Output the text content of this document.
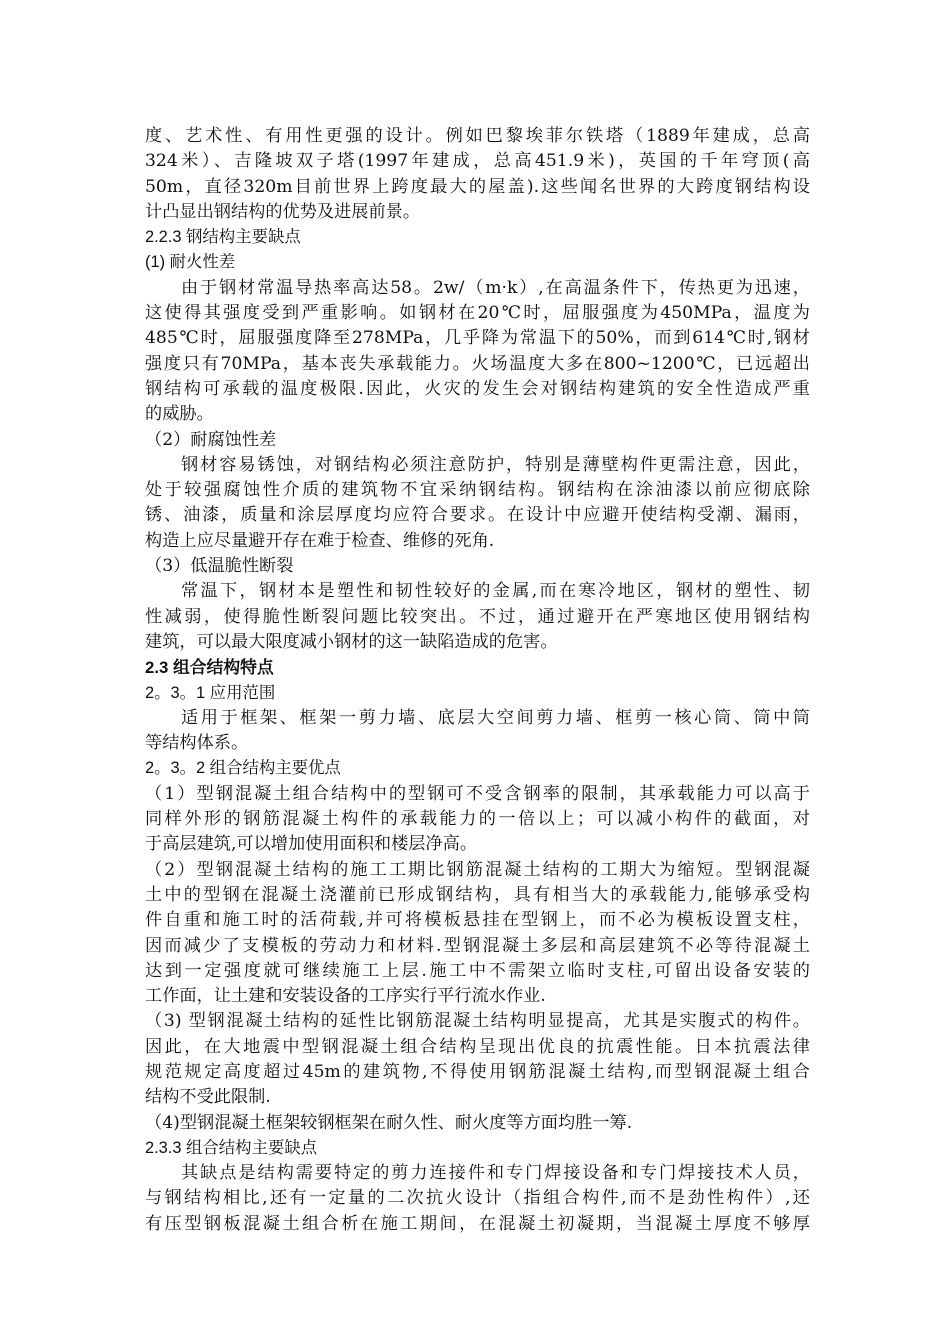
度、艺术性、有用性更强的设计。例如巴黎埃菲尔铁塔（1889年建成，总高
324米）、吉隆坡双子塔(1997年建成，总高451.9米)，英国的千年穹顶(高
50m，直径320m目前世界上跨度最大的屋盖).这些闻名世界的大跨度钢结构设
计凸显出钢结构的优势及进展前景。
2.2.3 钢结构主要缺点
(1) 耐火性差
由于钢材常温导热率高达58。2w/（m·k）,在高温条件下，传热更为迅速，
这使得其强度受到严重影响。如钢材在20℃时，屈服强度为450MPa，温度为
485℃时，屈服强度降至278MPa，几乎降为常温下的50%，而到614℃时,钢材
强度只有70MPa，基本丧失承载能力。火场温度大多在800~1200℃，已远超出
钢结构可承载的温度极限.因此，火灾的发生会对钢结构建筑的安全性造成严重
的威胁。
（2）耐腐蚀性差
钢材容易锈蚀，对钢结构必须注意防护，特别是薄壁构件更需注意，因此，
处于较强腐蚀性介质的建筑物不宜采纳钢结构。钢结构在涂油漆以前应彻底除
锈、油漆，质量和涂层厚度均应符合要求。在设计中应避开使结构受潮、漏雨，
构造上应尽量避开存在难于检查、维修的死角.
（3）低温脆性断裂
常温下，钢材本是塑性和韧性较好的金属,而在寒冷地区，钢材的塑性、韧
性减弱，使得脆性断裂问题比较突出。不过，通过避开在严寒地区使用钢结构
建筑，可以最大限度减小钢材的这一缺陷造成的危害。
2.3 组合结构特点
2。3。1 应用范围
适用于框架、框架一剪力墙、底层大空间剪力墙、框剪一核心筒、筒中筒
等结构体系。
2。3。2 组合结构主要优点
（1）型钢混凝土组合结构中的型钢可不受含钢率的限制，其承载能力可以高于
同样外形的钢筋混凝土构件的承载能力的一倍以上；可以减小构件的截面，对
于高层建筑,可以增加使用面积和楼层净高。
（2）型钢混凝土结构的施工工期比钢筋混凝土结构的工期大为缩短。型钢混凝
土中的型钢在混凝土浇灌前已形成钢结构，具有相当大的承载能力,能够承受构
件自重和施工时的活荷载,并可将模板悬挂在型钢上，而不必为模板设置支柱，
因而减少了支模板的劳动力和材料.型钢混凝土多层和高层建筑不必等待混凝土
达到一定强度就可继续施工上层.施工中不需架立临时支柱,可留出设备安装的
工作面，让土建和安装设备的工序实行平行流水作业.
（3) 型钢混凝土结构的延性比钢筋混凝土结构明显提高，尤其是实腹式的构件。
因此，在大地震中型钢混凝土组合结构呈现出优良的抗震性能。日本抗震法律
规范规定高度超过45m的建筑物,不得使用钢筋混凝土结构,而型钢混凝土组合
结构不受此限制.
（4)型钢混凝土框架较钢框架在耐久性、耐火度等方面均胜一筹.
2.3.3 组合结构主要缺点
其缺点是结构需要特定的剪力连接件和专门焊接设备和专门焊接技术人员，
与钢结构相比,还有一定量的二次抗火设计（指组合构件,而不是劲性构件）,还
有压型钢板混凝土组合析在施工期间，在混凝土初凝期，当混凝土厚度不够厚
